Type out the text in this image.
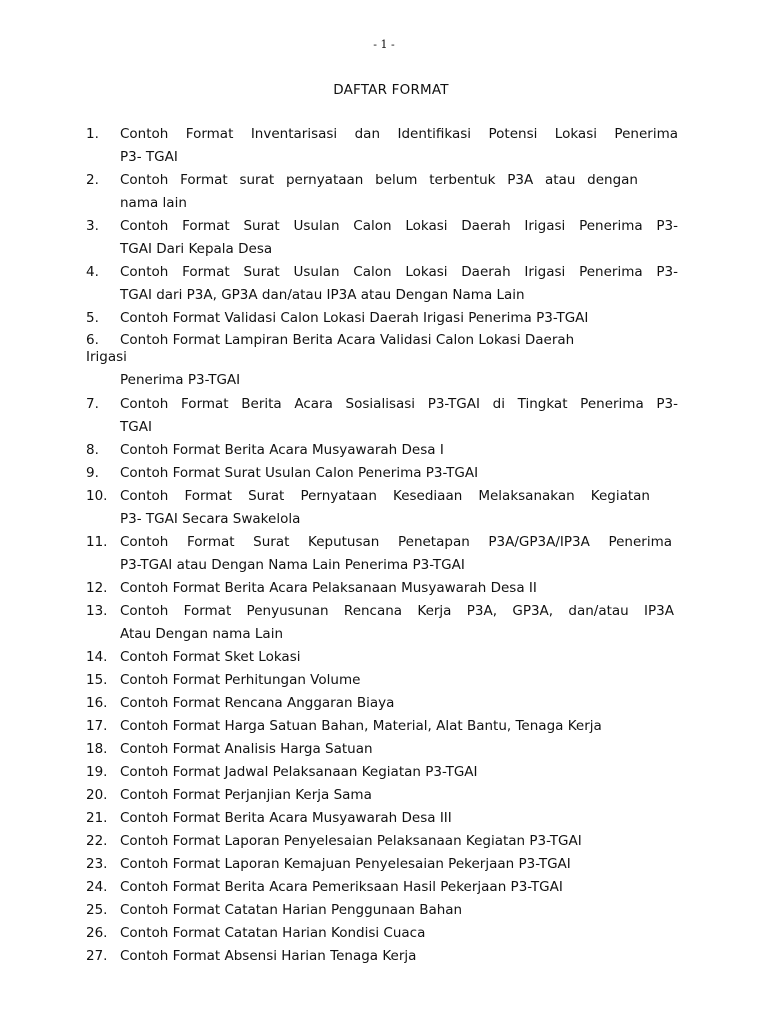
- 1 -
DAFTAR FORMAT
1. Contoh Format Inventarisasi dan Identifikasi Potensi Lokasi Penerima
P3- TGAI
2. Contoh Format surat pernyataan belum terbentuk P3A atau dengan
nama lain
3. Contoh Format Surat Usulan Calon Lokasi Daerah Irigasi Penerima P3-
TGAI Dari Kepala Desa
4. Contoh Format Surat Usulan Calon Lokasi Daerah Irigasi Penerima P3-
TGAI dari P3A, GP3A dan/atau IP3A atau Dengan Nama Lain
5. Contoh Format Validasi Calon Lokasi Daerah Irigasi Penerima P3-TGAI
6. Contoh Format Lampiran Berita Acara Validasi Calon Lokasi Daerah
Irigasi
Penerima P3-TGAI
7. Contoh Format Berita Acara Sosialisasi P3-TGAI di Tingkat Penerima P3-
TGAI
8. Contoh Format Berita Acara Musyawarah Desa I
9. Contoh Format Surat Usulan Calon Penerima P3-TGAI
10. Contoh Format Surat Pernyataan Kesediaan Melaksanakan Kegiatan
P3- TGAI Secara Swakelola
11. Contoh Format Surat Keputusan Penetapan P3A/GP3A/IP3A Penerima
P3-TGAI atau Dengan Nama Lain Penerima P3-TGAI
12. Contoh Format Berita Acara Pelaksanaan Musyawarah Desa II
13. Contoh Format Penyusunan Rencana Kerja P3A, GP3A, dan/atau IP3A
Atau Dengan nama Lain
14. Contoh Format Sket Lokasi
15. Contoh Format Perhitungan Volume
16. Contoh Format Rencana Anggaran Biaya
17. Contoh Format Harga Satuan Bahan, Material, Alat Bantu, Tenaga Kerja
18. Contoh Format Analisis Harga Satuan
19. Contoh Format Jadwal Pelaksanaan Kegiatan P3-TGAI
20. Contoh Format Perjanjian Kerja Sama
21. Contoh Format Berita Acara Musyawarah Desa III
22. Contoh Format Laporan Penyelesaian Pelaksanaan Kegiatan P3-TGAI
23. Contoh Format Laporan Kemajuan Penyelesaian Pekerjaan P3-TGAI
24. Contoh Format Berita Acara Pemeriksaan Hasil Pekerjaan P3-TGAI
25. Contoh Format Catatan Harian Penggunaan Bahan
26. Contoh Format Catatan Harian Kondisi Cuaca
27. Contoh Format Absensi Harian Tenaga Kerja
